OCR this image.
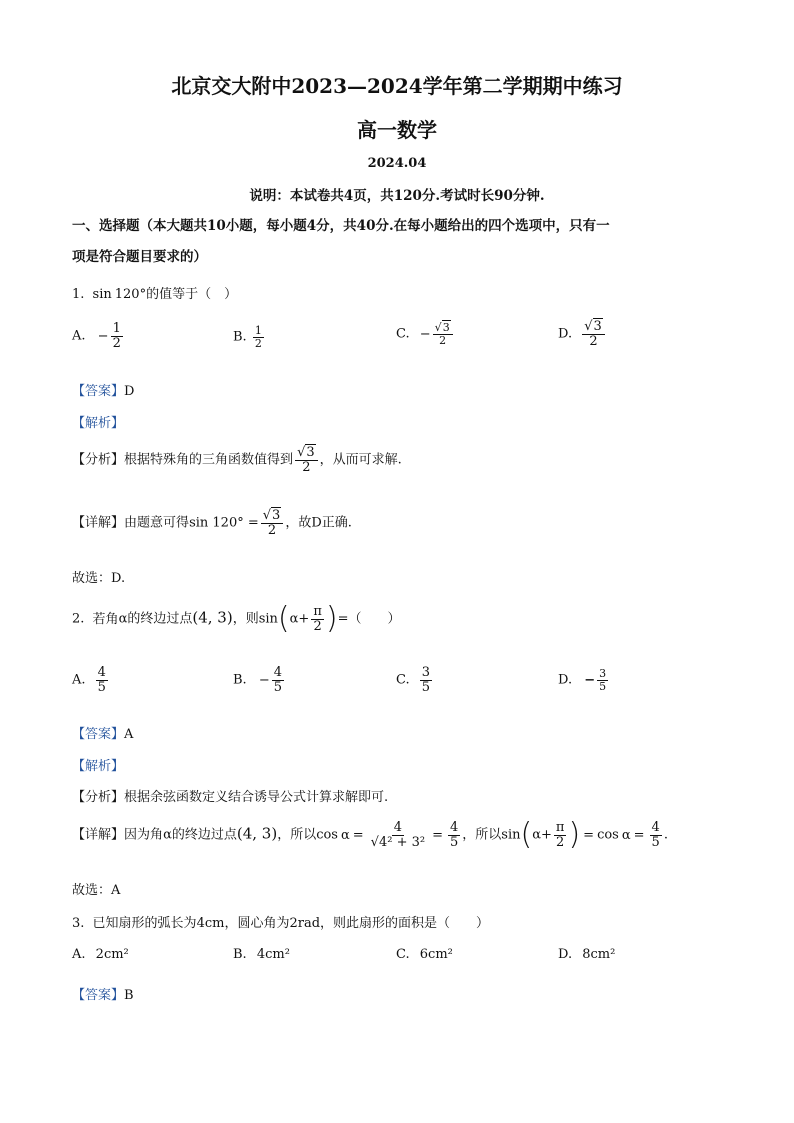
北京交大附中2023—2024学年第二学期期中练习
高一数学
2024.04
说明：本试卷共4页，共120分.考试时长90分钟.
一、选择题（本大题共10小题，每小题4分，共40分.在每小题给出的四个选项中，只有一
项是符合题目要求的）
1. sin 120°的值等于（　）
A. − $\frac{1}{2}$	B. $\frac{1}{2}$	C. − $\frac{√3}{2}$	D. $\frac{√3}{2}$
【答案】D
【解析】
【分析】根据特殊角的三角函数值得到 $\frac{√3}{2}$ ，从而可求解.
【详解】由题意可得$\sin 120^\circ = \frac{√3}{2}$ ，故D正确.
故选：D.
2. 若角α的终边过点(4, 3)，则$\sin(\alpha+ \frac{\pi}{2}$ )=（　　）
A. $\frac{4}{5}$	B. − $\frac{4}{5}$	C. $\frac{3}{5}$	D. − $\frac{3}{5}$
【答案】A
【解析】
【分析】根据余弦函数定义结合诱导公式计算求解即可.
【详解】因为角α的终边过点(4, 3)，所以$\cos \alpha = \frac{4}{\text{√4² + 3²}} = \frac{4}{5}$ ，所以$\sin(\alpha+ \frac{\pi}{2}$ ) = $\cos \alpha = \frac{4}{5}$ .
故选：A
3. 已知扇形的弧长为4cm，圆心角为2rad，则此扇形的面积是（　　）
A. 2cm²	B. 4cm²	C. 6cm²	D. 8cm²
【答案】B
